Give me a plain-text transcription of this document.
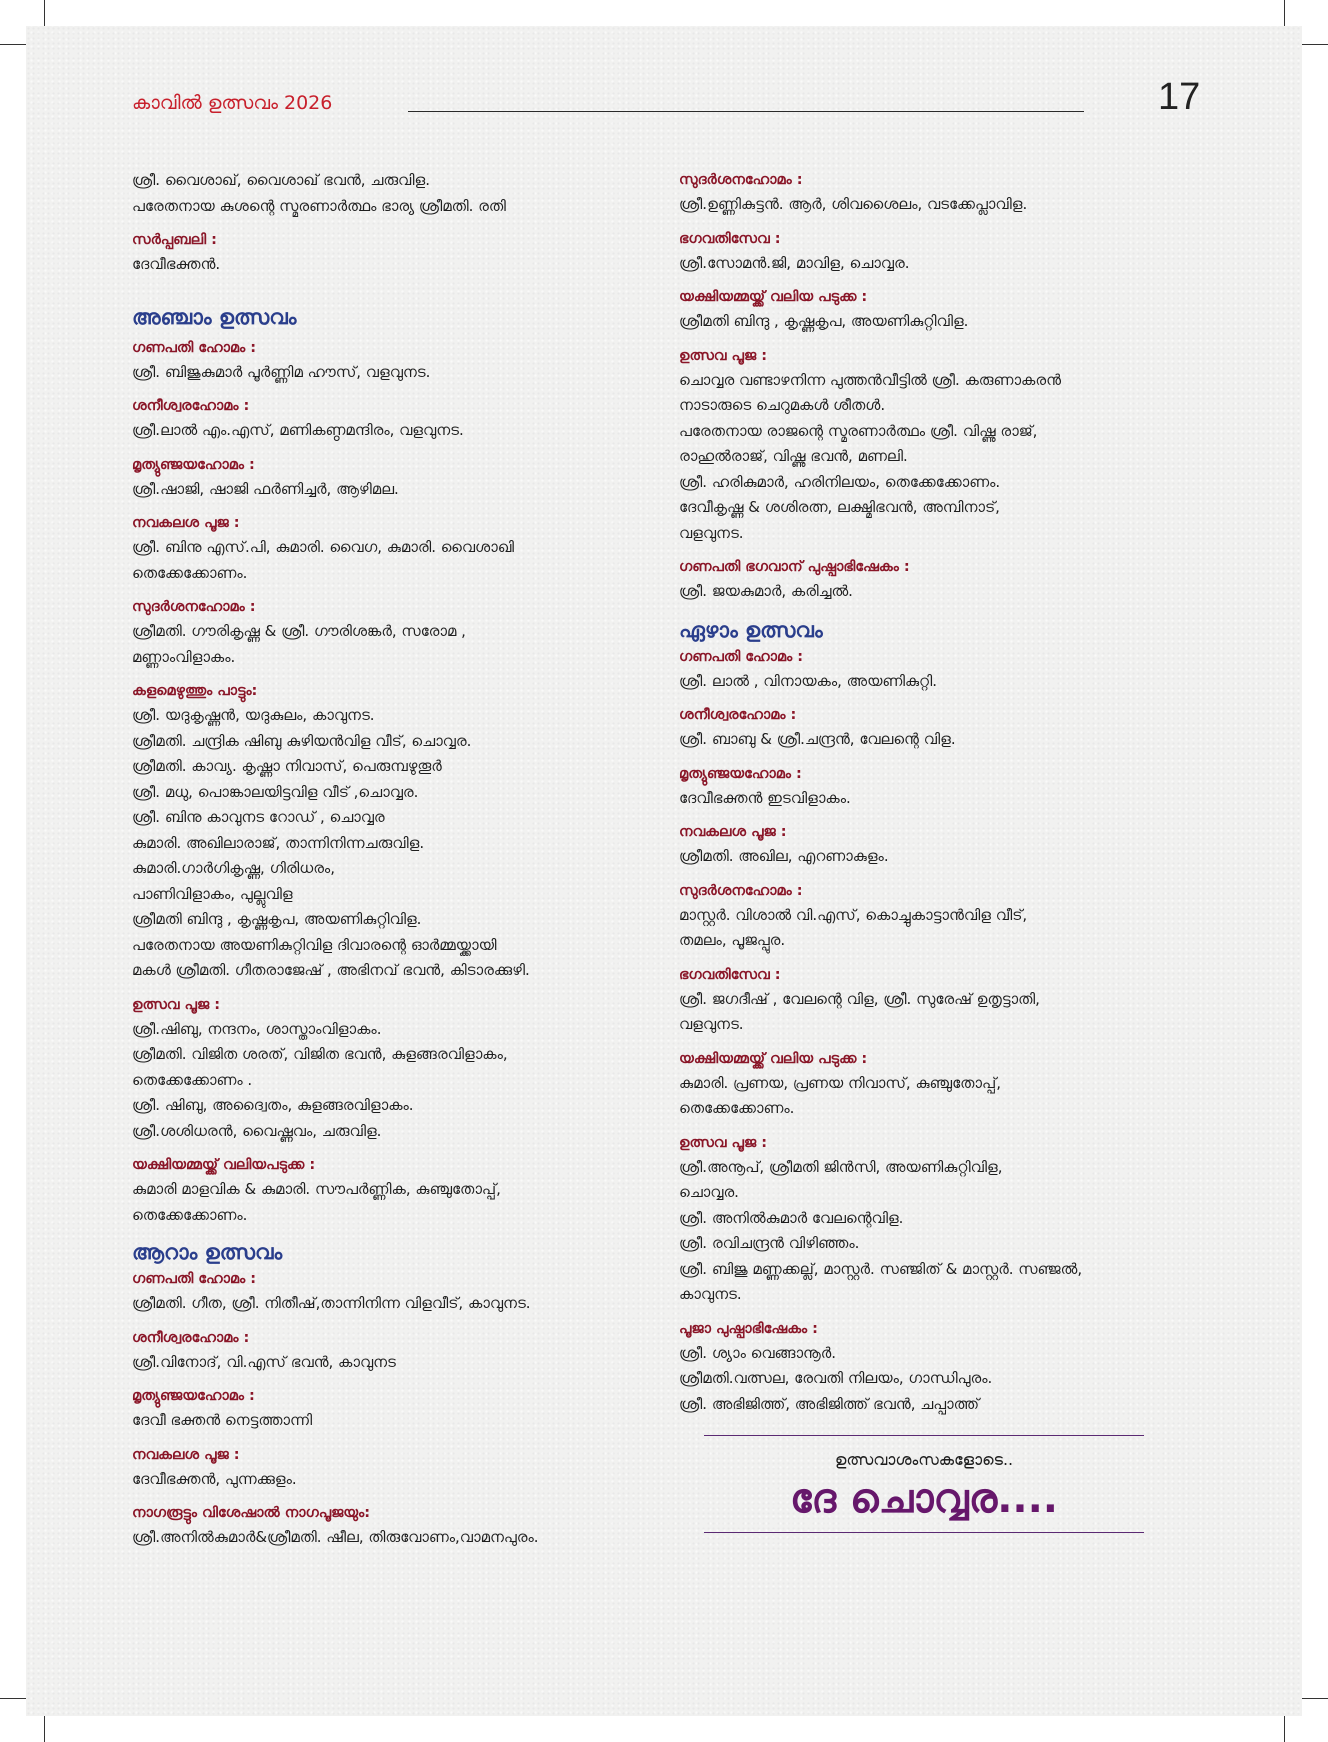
കാവിൽ ഉത്സവം 2026	17
ശ്രീ. വൈശാഖ്, വൈശാഖ് ഭവൻ, ചരുവിള.
പരേതനായ കുശന്റെ സ്മരണാർത്ഥം ഭാര്യ ശ്രീമതി. രതി
സർപ്പബലി :
ദേവീഭക്തൻ.
അഞ്ചാം ഉത്സവം
ഗണപതി ഹോമം :
ശ്രീ. ബിജുകുമാർ പൂർണ്ണിമ ഹൗസ്, വളവുനട.
ശനീശ്വരഹോമം :
ശ്രീ.ലാൽ എം.എസ്, മണികണ്ഠമന്ദിരം, വളവുനട.
മൃത്യുഞ്ജയഹോമം :
ശ്രീ.ഷാജി, ഷാജി ഫർണിച്ചർ, ആഴിമല.
നവകലശ പൂജ :
ശ്രീ. ബിനു എസ്.പി, കുമാരി. വൈഗ, കുമാരി. വൈശാഖി
തെക്കേക്കോണം.
സുദർശനഹോമം :
ശ്രീമതി. ഗൗരികൃഷ്ണ & ശ്രീ. ഗൗരിശങ്കർ, സരോമ ,
മണ്ണാംവിളാകം.
കളമെഴുത്തും പാട്ടും:
ശ്രീ. യദുകൃഷ്ണൻ, യദുകുലം, കാവുനട.
ശ്രീമതി. ചന്ദ്രിക ഷിബു കുഴിയൻവിള വീട്, ചൊവ്വര.
ശ്രീമതി. കാവ്യ. കൃഷ്ണാ നിവാസ്, പെരുമ്പഴുതൂർ
ശ്രീ. മധു, പൊങ്കാലയിട്ടവിള വീട് ,ചൊവ്വര.
ശ്രീ. ബിനു കാവുനട റോഡ് , ചൊവ്വര
കുമാരി. അഖിലാരാജ്, താന്നിനിന്നചരുവിള.
കുമാരി.ഗാർഗികൃഷ്ണ, ഗിരിധരം,
പാണിവിളാകം, പുല്ലുവിള
ശ്രീമതി ബിന്ദു , കൃഷ്ണകൃപ, അയണികുറ്റിവിള.
പരേതനായ അയണികുറ്റിവിള ദിവാരന്റെ ഓർമ്മയ്ക്കായി
മകൾ ശ്രീമതി. ഗീതരാജേഷ് , അഭിനവ് ഭവൻ, കിടാരക്കുഴി.
ഉത്സവ പൂജ :
ശ്രീ.ഷിബു, നന്ദനം, ശാസ്താംവിളാകം.
ശ്രീമതി. വിജിത ശരത്, വിജിത ഭവൻ, കുളങ്ങരവിളാകം,
തെക്കേക്കോണം .
ശ്രീ. ഷിബു, അദ്വൈതം, കുളങ്ങരവിളാകം.
ശ്രീ.ശശിധരൻ, വൈഷ്ണവം, ചരുവിള.
യക്ഷിയമ്മയ്ക്ക് വലിയപടുക്ക :
കുമാരി മാളവിക & കുമാരി. സൗപർണ്ണിക, കുഞ്ചുതോപ്പ്,
തെക്കേക്കോണം.
ആറാം ഉത്സവം
ഗണപതി ഹോമം :
ശ്രീമതി. ഗീത, ശ്രീ. നിതീഷ്,താന്നിനിന്ന വിളവീട്, കാവുനട.
ശനീശ്വരഹോമം :
ശ്രീ.വിനോദ്, വി.എസ് ഭവൻ, കാവുനട
മൃത്യുഞ്ജയഹോമം :
ദേവീ ഭക്തൻ നെട്ടത്താന്നി
നവകലശ പൂജ :
ദേവീഭക്തൻ, പുന്നക്കുളം.
നാഗരൂട്ടും വിശേഷാൽ നാഗപൂജയും:
ശ്രീ.അനിൽകുമാർ&ശ്രീമതി. ഷീല, തിരുവോണം,വാമനപുരം.
സുദർശനഹോമം :
ശ്രീ.ഉണ്ണികുട്ടൻ. ആർ, ശിവശൈലം, വടക്കേപ്ലാവിള.
ഭഗവതിസേവ :
ശ്രീ.സോമൻ.ജി, മാവിള, ചൊവ്വര.
യക്ഷിയമ്മയ്ക്ക് വലിയ പടുക്ക :
ശ്രീമതി ബിന്ദു , കൃഷ്ണകൃപ, അയണികുറ്റിവിള.
ഉത്സവ പൂജ :
ചൊവ്വര വണ്ടാഴനിന്ന പുത്തൻവീട്ടിൽ ശ്രീ. കരുണാകരൻ
നാടാരുടെ ചെറുമകൾ ശീതൾ.
പരേതനായ രാജന്റെ സ്മരണാർത്ഥം ശ്രീ. വിഷ്ണു രാജ്,
രാഹുൽരാജ്, വിഷ്ണു ഭവൻ, മണലി.
ശ്രീ. ഹരികുമാർ, ഹരിനിലയം, തെക്കേക്കോണം.
ദേവീകൃഷ്ണ & ശശിരത്ന, ലക്ഷ്മിഭവൻ, അമ്പിനാട്,
വളവുനട.
ഗണപതി ഭഗവാന് പുഷ്പാഭിഷേകം :
ശ്രീ. ജയകുമാർ, കരിച്ചൽ.
ഏഴാം ഉത്സവം
ഗണപതി ഹോമം :
ശ്രീ. ലാൽ , വിനായകം, അയണികുറ്റി.
ശനീശ്വരഹോമം :
ശ്രീ. ബാബു & ശ്രീ.ചന്ദ്രൻ, വേലന്റെ വിള.
മൃത്യുഞ്ജയഹോമം :
ദേവീഭക്തൻ ഇടവിളാകം.
നവകലശ പൂജ :
ശ്രീമതി. അഖില, എറണാകുളം.
സുദർശനഹോമം :
മാസ്റ്റർ. വിശാൽ വി.എസ്, കൊച്ചുകാട്ടാൻവിള വീട്,
തമലം, പൂജപ്പുര.
ഭഗവതിസേവ :
ശ്രീ. ജഗദീഷ് , വേലന്റെ വിള, ശ്രീ. സുരേഷ് ഉതൃട്ടാതി,
വളവുനട.
യക്ഷിയമ്മയ്ക്ക് വലിയ പടുക്ക :
കുമാരി. പ്രണയ, പ്രണയ നിവാസ്, കുഞ്ചുതോപ്പ്,
തെക്കേക്കോണം.
ഉത്സവ പൂജ :
ശ്രീ.അനൂപ്, ശ്രീമതി ജിൻസി, അയണികുറ്റിവിള,
ചൊവ്വര.
ശ്രീ. അനിൽകുമാർ വേലന്റെവിള.
ശ്രീ. രവിചന്ദ്രൻ വിഴിഞ്ഞം.
ശ്രീ. ബിജു മണ്ണക്കല്ല്, മാസ്റ്റർ. സഞ്ജിത് & മാസ്റ്റർ. സഞ്ജൽ,
കാവുനട.
പൂജാ പുഷ്പാഭിഷേകം :
ശ്രീ. ശ്യാം വെങ്ങാനൂർ.
ശ്രീമതി.വത്സല, രേവതി നിലയം, ഗാന്ധിപുരം.
ശ്രീ. അഭിജിത്ത്, അഭിജിത്ത് ഭവൻ, ചപ്പാത്ത്
ഉത്സവാശംസകളോടെ..
ദേ ചൊവ്വര....
